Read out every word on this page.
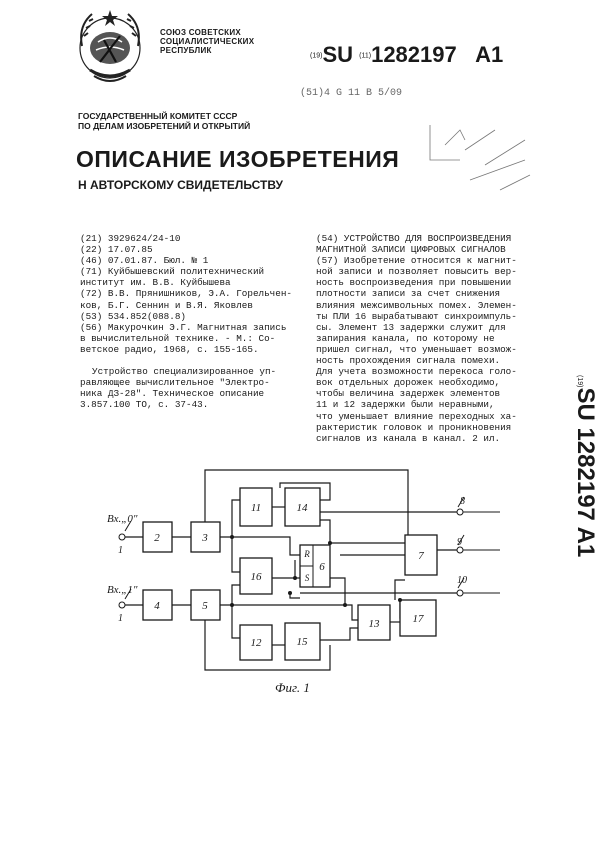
СОЮЗ СОВЕТСКИХ
СОЦИАЛИСТИЧЕСКИХ
РЕСПУБЛИК
(19)SU (11)1282197 A1
(51)4 G 11 B 5/09
ГОСУДАРСТВЕННЫЙ КОМИТЕТ СССР
ПО ДЕЛАМ ИЗОБРЕТЕНИЙ И ОТКРЫТИЙ
ОПИСАНИЕ ИЗОБРЕТЕНИЯ
Н АВТОРСКОМУ СВИДЕТЕЛЬСТВУ
(21) 3929624/24-10
(22) 17.07.85
(46) 07.01.87. Бюл. № 1
(71) Куйбышевский политехнический
институт им. В.В. Куйбышева
(72) В.В. Прянишников, Э.А. Горельчен-
ков, Б.Г. Сеннин и В.Я. Яковлев
(53) 534.852(088.8)
(56) Макурочкин Э.Г. Магнитная запись
в вычислительной технике. - М.: Со-
ветское радио, 1968, с. 155-165.
Устройство специализированное уп-
равляющее вычислительное "Электро-
ника ДЗ-28". Техническое описание
3.857.100 ТО, с. 37-43.
(54) УСТРОЙСТВО ДЛЯ ВОСПРОИЗВЕДЕНИЯ
МАГНИТНОЙ ЗАПИСИ ЦИФРОВЫХ СИГНАЛОВ
(57) Изобретение относится к магнит-
ной записи и позволяет повысить вер-
ность воспроизведения при повышении
плотности записи за счет снижения
влияния межсимвольных помех. Элемен-
ты ПЛИ 16 вырабатывают синхроимпуль-
сы. Элемент 13 задержки служит для
запирания канала, по которому не
пришел сигнал, что уменьшает возмож-
ность прохождения сигнала помехи.
Для учета возможности перекоса голо-
вок отдельных дорожек необходимо,
чтобы величина задержек элементов
11 и 12 задержки были неравными,
что уменьшает влияние переходных ха-
рактеристик головок и проникновения
сигналов из канала в канал. 2 ил.
(19)SU 1282197 A1
2	3
11	14
R
S
6
16
7
4	5
13	17
12	15
1
1
8
9
10
Вх.„0"
Вх.„1"
Фиг. 1
